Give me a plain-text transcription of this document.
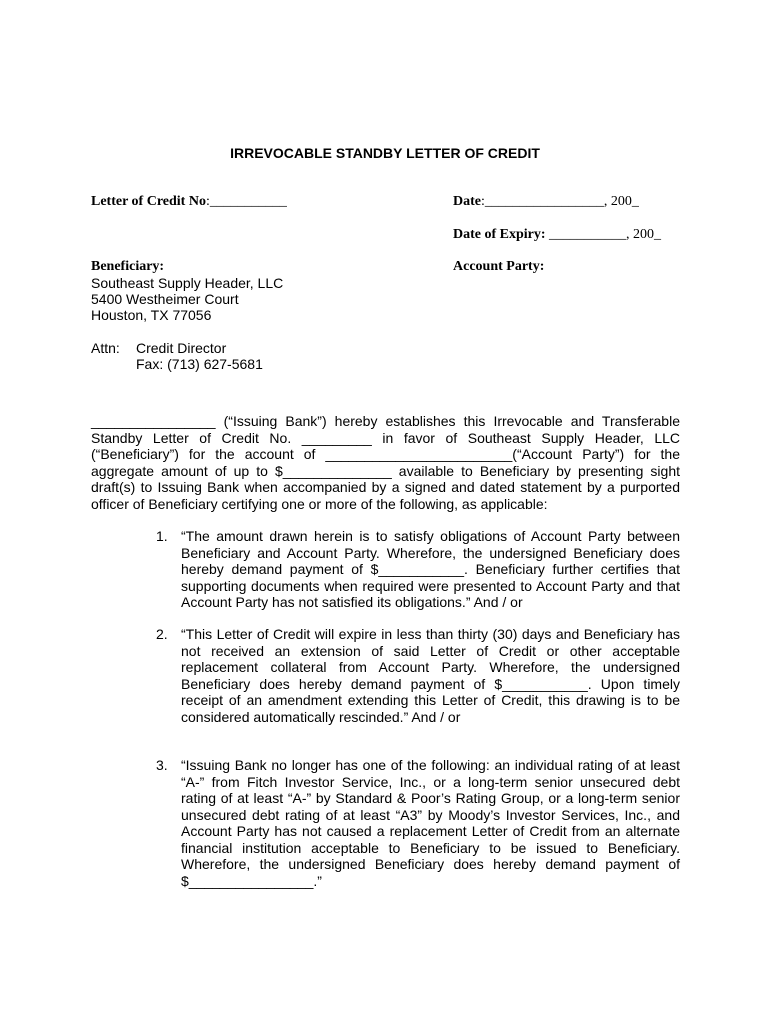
IRREVOCABLE STANDBY LETTER OF CREDIT
Letter of Credit No:___________	Date:_________________, 200_
Date of Expiry: ___________, 200_
Beneficiary:	Account Party:
Southeast Supply Header, LLC
5400 Westheimer Court
Houston, TX 77056
Attn: Credit Director
Fax: (713) 627-5681
________________ (“Issuing Bank”) hereby establishes this Irrevocable and Transferable Standby Letter of Credit No. _________ in favor of Southeast Supply Header, LLC (“Beneficiary”) for the account of ________________________(“Account Party”) for the aggregate amount of up to $______________ available to Beneficiary by presenting sight draft(s) to Issuing Bank when accompanied by a signed and dated statement by a purported officer of Beneficiary certifying one or more of the following, as applicable:
1. “The amount drawn herein is to satisfy obligations of Account Party between Beneficiary and Account Party. Wherefore, the undersigned Beneficiary does hereby demand payment of $___________. Beneficiary further certifies that supporting documents when required were presented to Account Party and that Account Party has not satisfied its obligations.” And / or
2. “This Letter of Credit will expire in less than thirty (30) days and Beneficiary has not received an extension of said Letter of Credit or other acceptable replacement collateral from Account Party. Wherefore, the undersigned Beneficiary does hereby demand payment of $___________. Upon timely receipt of an amendment extending this Letter of Credit, this drawing is to be considered automatically rescinded.” And / or
3. “Issuing Bank no longer has one of the following: an individual rating of at least “A-” from Fitch Investor Service, Inc., or a long-term senior unsecured debt rating of at least “A-” by Standard & Poor’s Rating Group, or a long-term senior unsecured debt rating of at least “A3” by Moody’s Investor Services, Inc., and Account Party has not caused a replacement Letter of Credit from an alternate financial institution acceptable to Beneficiary to be issued to Beneficiary. Wherefore, the undersigned Beneficiary does hereby demand payment of $________________.”
